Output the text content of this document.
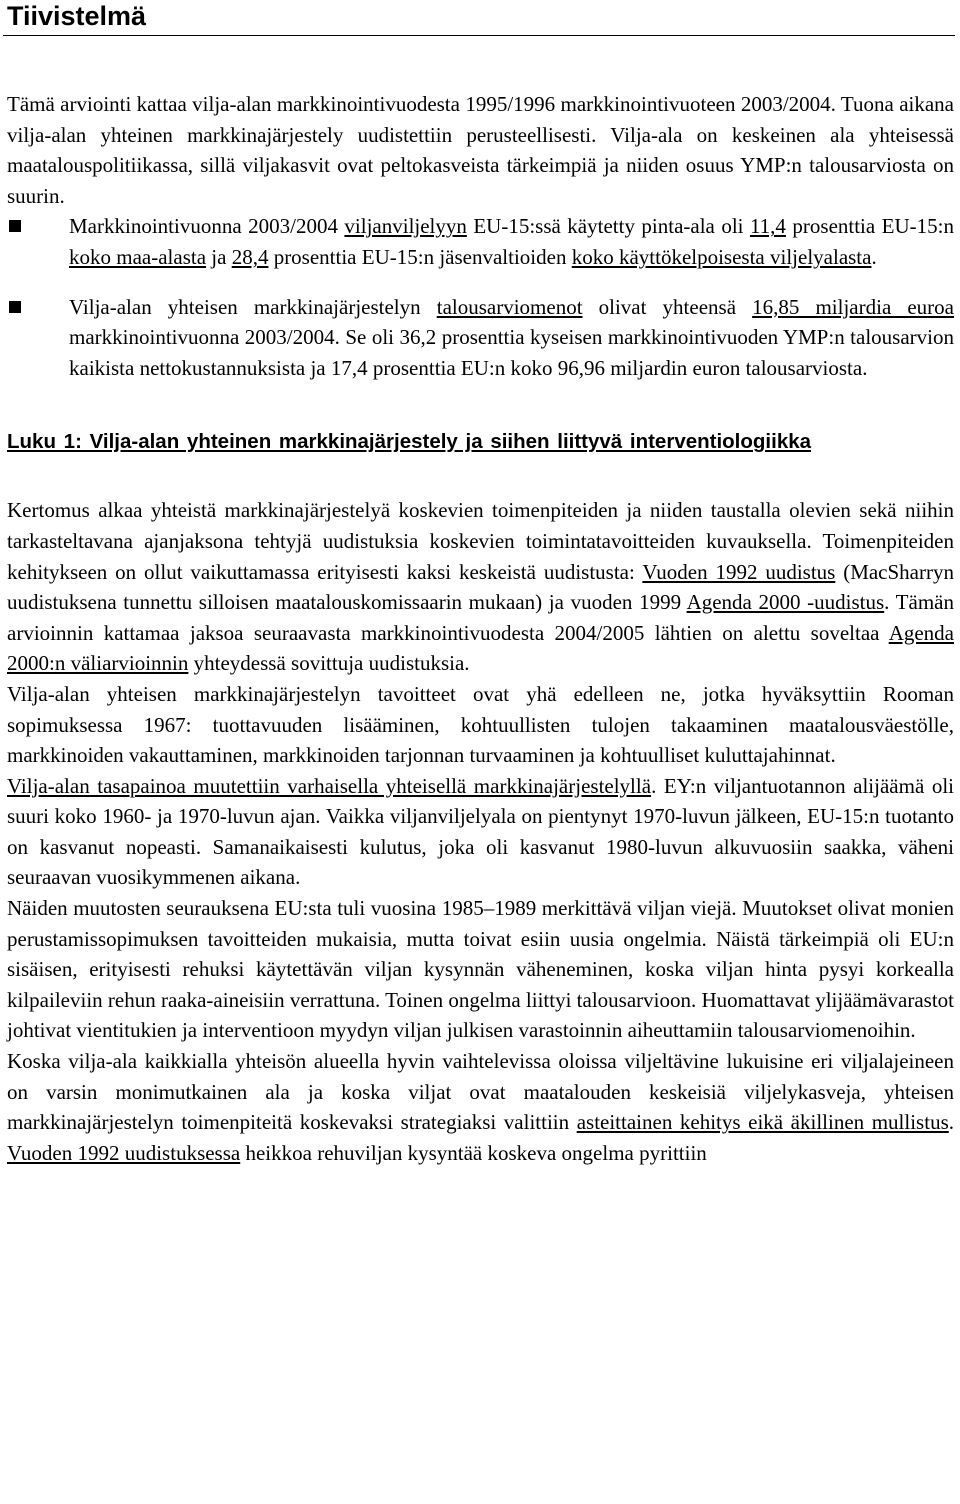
Tiivistelmä

Tämä arviointi kattaa vilja-alan markkinointivuodesta 1995/1996 markkinointivuoteen 2003/2004. Tuona aikana vilja-alan yhteinen markkinajärjestely uudistettiin perusteellisesti. Vilja-ala on keskeinen ala yhteisessä maatalouspolitiikassa, sillä viljakasvit ovat peltokasveista tärkeimpiä ja niiden osuus YMP:n talousarviosta on suurin.

Markkinointivuonna 2003/2004 viljanviljelyyn EU-15:ssä käytetty pinta-ala oli 11,4 prosenttia EU-15:n koko maa-alasta ja 28,4 prosenttia EU-15:n jäsenvaltioiden koko käyttökelpoisesta viljelyalasta.
Vilja-alan yhteisen markkinajärjestelyn talousarviomenot olivat yhteensä 16,85 miljardia euroa markkinointivuonna 2003/2004. Se oli 36,2 prosenttia kyseisen markkinointivuoden YMP:n talousarvion kaikista nettokustannuksista ja 17,4 prosenttia EU:n koko 96,96 miljardin euron talousarviosta.
Luku 1: Vilja-alan yhteinen markkinajärjestely ja siihen liittyvä interventiologiikka

Kertomus alkaa yhteistä markkinajärjestelyä koskevien toimenpiteiden ja niiden taustalla olevien sekä niihin tarkasteltavana ajanjaksona tehtyjä uudistuksia koskevien toimintatavoitteiden kuvauksella. Toimenpiteiden kehitykseen on ollut vaikuttamassa erityisesti kaksi keskeistä uudistusta: Vuoden 1992 uudistus (MacSharryn uudistuksena tunnettu silloisen maatalouskomissaarin mukaan) ja vuoden 1999 Agenda 2000 -uudistus. Tämän arvioinnin kattamaa jaksoa seuraavasta markkinointivuodesta 2004/2005 lähtien on alettu soveltaa Agenda 2000:n väliarvioinnin yhteydessä sovittuja uudistuksia.

Vilja-alan yhteisen markkinajärjestelyn tavoitteet ovat yhä edelleen ne, jotka hyväksyttiin Rooman sopimuksessa 1967: tuottavuuden lisääminen, kohtuullisten tulojen takaaminen maatalousväestölle, markkinoiden vakauttaminen, markkinoiden tarjonnan turvaaminen ja kohtuulliset kuluttajahinnat.

Vilja-alan tasapainoa muutettiin varhaisella yhteisellä markkinajärjestelyllä. EY:n viljantuotannon alijäämä oli suuri koko 1960- ja 1970-luvun ajan. Vaikka viljanviljelyala on pientynyt 1970-luvun jälkeen, EU-15:n tuotanto on kasvanut nopeasti. Samanaikaisesti kulutus, joka oli kasvanut 1980-luvun alkuvuosiin saakka, väheni seuraavan vuosikymmenen aikana.

Näiden muutosten seurauksena EU:sta tuli vuosina 1985–1989 merkittävä viljan viejä. Muutokset olivat monien perustamissopimuksen tavoitteiden mukaisia, mutta toivat esiin uusia ongelmia. Näistä tärkeimpiä oli EU:n sisäisen, erityisesti rehuksi käytettävän viljan kysynnän väheneminen, koska viljan hinta pysyi korkealla kilpaileviin rehun raaka-aineisiin verrattuna. Toinen ongelma liittyi talousarvioon. Huomattavat ylijäämävarastot johtivat vientitukien ja interventioon myydyn viljan julkisen varastoinnin aiheuttamiin talousarviomenoihin.

Koska vilja-ala kaikkialla yhteisön alueella hyvin vaihtelevissa oloissa viljeltävine lukuisine eri viljalajeineen on varsin monimutkainen ala ja koska viljat ovat maatalouden keskeisiä viljelykasveja, yhteisen markkinajärjestelyn toimenpiteitä koskevaksi strategiaksi valittiin asteittainen kehitys eikä äkillinen mullistus. Vuoden 1992 uudistuksessa heikkoa rehuviljan kysyntää koskeva ongelma pyrittiin
